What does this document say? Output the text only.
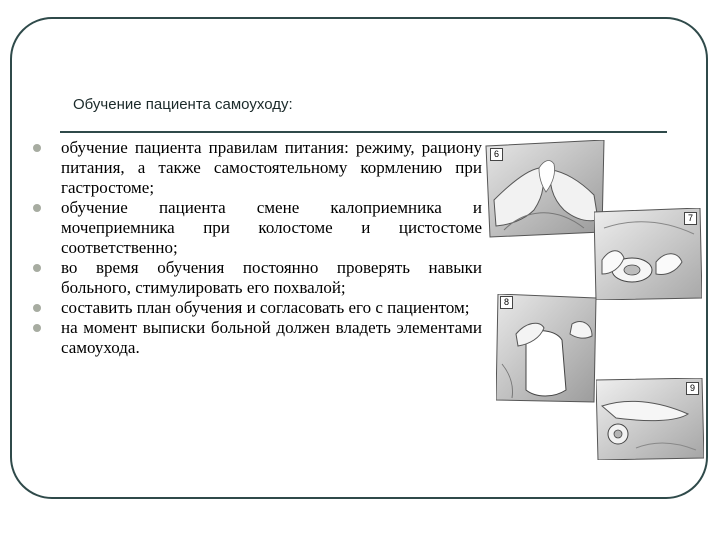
Обучение пациента самоуходу:
обучение пациента правилам питания: режиму, рациону питания, а также самостоятельному кормлению при гастростоме;
обучение пациента смене калоприемника и мочеприемника при колостоме и цистостоме соответственно;
во время обучения постоянно проверять навыки больного, стимулировать его похвалой;
составить план обучения и согласовать его с пациентом;
на момент выписки больной должен владеть элементами самоухода.
6
7
8
9
